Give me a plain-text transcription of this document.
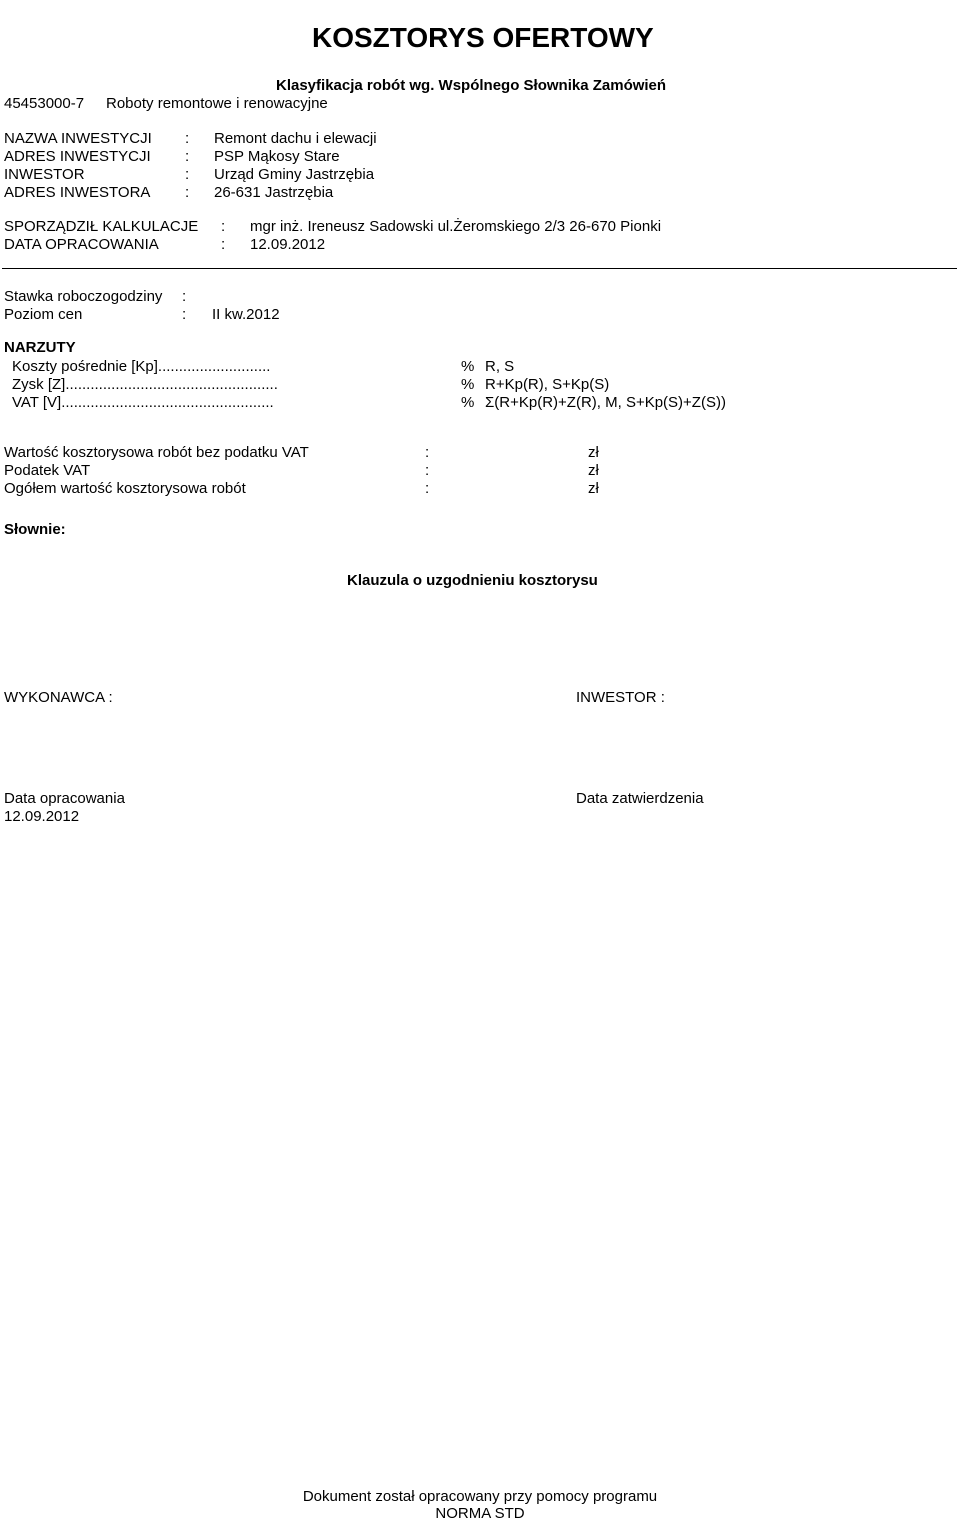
KOSZTORYS OFERTOWY
Klasyfikacja robót wg. Wspólnego Słownika Zamówień
45453000-7 Roboty remontowe i renowacyjne
NAZWA INWESTYCJI : Remont dachu i elewacji
ADRES INWESTYCJI : PSP Mąkosy Stare
INWESTOR	: Urząd Gminy Jastrzębia
ADRES INWESTORA : 26-631 Jastrzębia
SPORZĄDZIŁ KALKULACJE : mgr inż. Ireneusz Sadowski ul.Żeromskiego 2/3 26-670 Pionki
DATA OPRACOWANIA	: 12.09.2012
Stawka roboczogodziny :
Poziom cen	: II kw.2012
NARZUTY
Koszty pośrednie [Kp]...........................	% R, S
Zysk [Z]...................................................	% R+Kp(R), S+Kp(S)
VAT [V]...................................................	% Σ(R+Kp(R)+Z(R), M, S+Kp(S)+Z(S))
Wartość kosztorysowa robót bez podatku VAT	:	zł
Podatek VAT	:	zł
Ogółem wartość kosztorysowa robót	:	zł
Słownie:
Klauzula o uzgodnieniu kosztorysu
WYKONAWCA :	INWESTOR :
Data opracowania
12.09.2012
Data zatwierdzenia
Dokument został opracowany przy pomocy programu
NORMA STD
